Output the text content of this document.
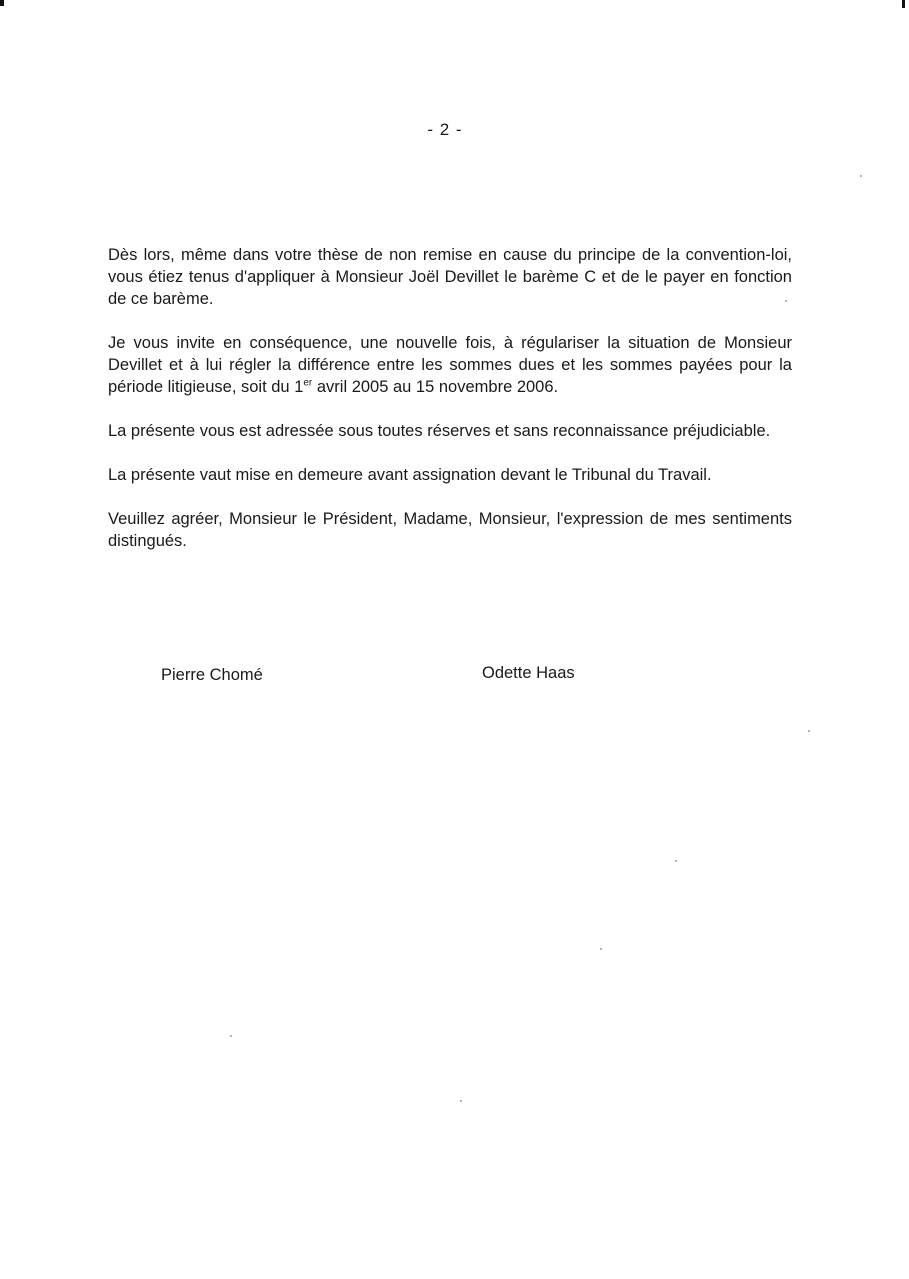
- 2 -

Dès lors, même dans votre thèse de non remise en cause du principe de la convention-loi, vous étiez tenus d'appliquer à Monsieur Joël Devillet le barème C et de le payer en fonction de ce barème.

Je vous invite en conséquence, une nouvelle fois, à régulariser la situation de Monsieur Devillet et à lui régler la différence entre les sommes dues et les sommes payées pour la période litigieuse, soit du 1er avril 2005 au 15 novembre 2006.

La présente vous est adressée sous toutes réserves et sans reconnaissance préjudiciable.

La présente vaut mise en demeure avant assignation devant le Tribunal du Travail.

Veuillez agréer, Monsieur le Président, Madame, Monsieur, l'expression de mes sentiments distingués.

Pierre Chomé	Odette Haas
